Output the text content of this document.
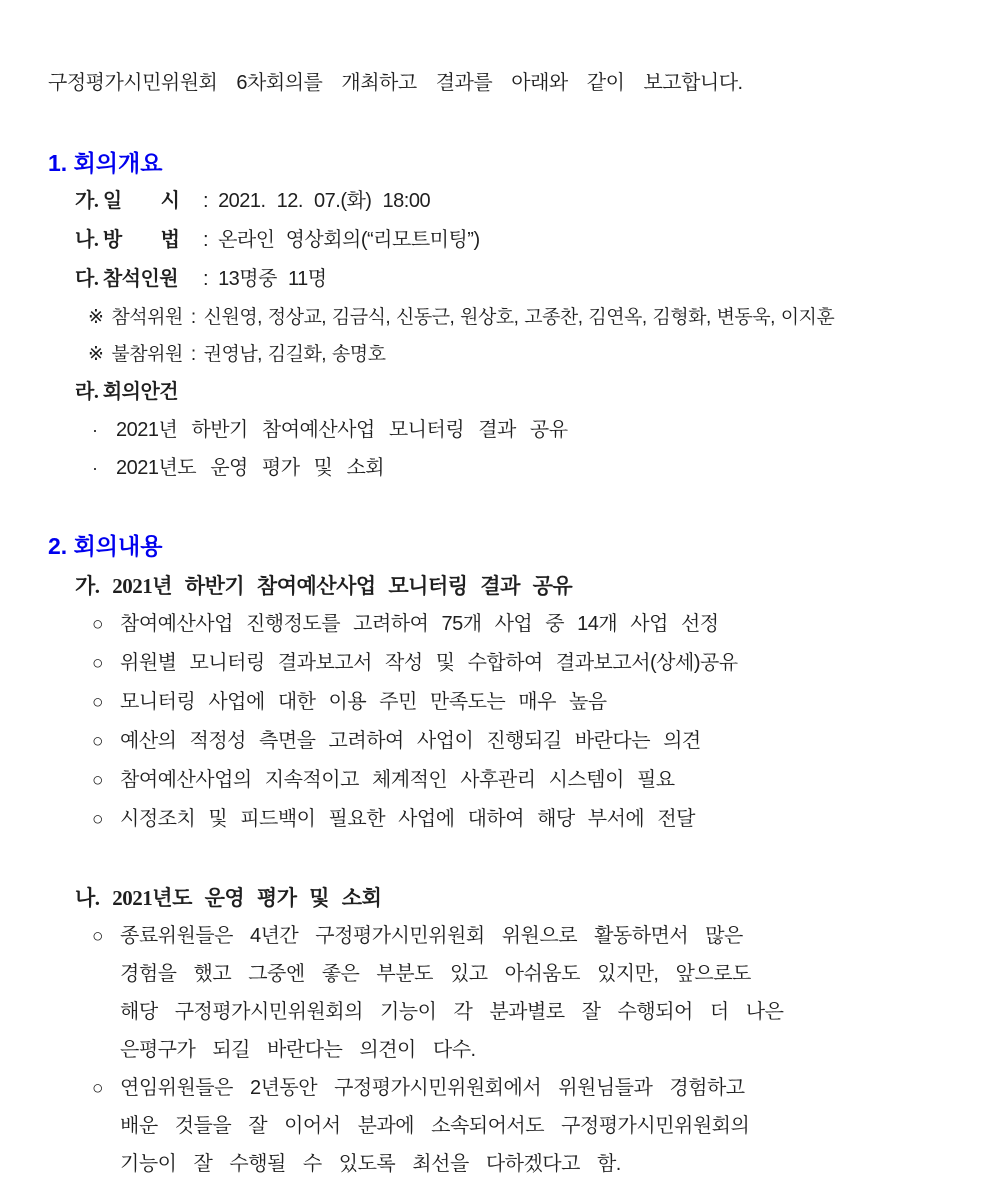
구정평가시민위원회 6차회의를 개최하고 결과를 아래와 같이 보고합니다.

1. 회의개요
가. 일　　시 : 2021. 12. 07.(화) 18:00
나. 방　　법 : 온라인 영상회의(“리모트미팅”)
다. 참석인원 : 13명중 11명
※ 참석위원 : 신원영, 정상교, 김금식, 신동근, 원상호, 고종찬, 김연옥, 김형화, 변동욱, 이지훈
※ 불참위원 : 권영남, 김길화, 송명호
라. 회의안건
· 2021년 하반기 참여예산사업 모니터링 결과 공유
· 2021년도 운영 평가 및 소회
2. 회의내용
가. 2021년 하반기 참여예산사업 모니터링 결과 공유
○ 참여예산사업 진행정도를 고려하여 75개 사업 중 14개 사업 선정
○ 위원별 모니터링 결과보고서 작성 및 수합하여 결과보고서(상세)공유
○ 모니터링 사업에 대한 이용 주민 만족도는 매우 높음
○ 예산의 적정성 측면을 고려하여 사업이 진행되길 바란다는 의견
○ 참여예산사업의 지속적이고 체계적인 사후관리 시스템이 필요
○ 시정조치 및 피드백이 필요한 사업에 대하여 해당 부서에 전달
나. 2021년도 운영 평가 및 소회
○ 종료위원들은 4년간 구정평가시민위원회 위원으로 활동하면서 많은
경험을 했고 그중엔 좋은 부분도 있고 아쉬움도 있지만, 앞으로도
해당 구정평가시민위원회의 기능이 각 분과별로 잘 수행되어 더 나은
은평구가 되길 바란다는 의견이 다수.
○ 연임위원들은 2년동안 구정평가시민위원회에서 위원님들과 경험하고
배운 것들을 잘 이어서 분과에 소속되어서도 구정평가시민위원회의
기능이 잘 수행될 수 있도록 최선을 다하겠다고 함.
